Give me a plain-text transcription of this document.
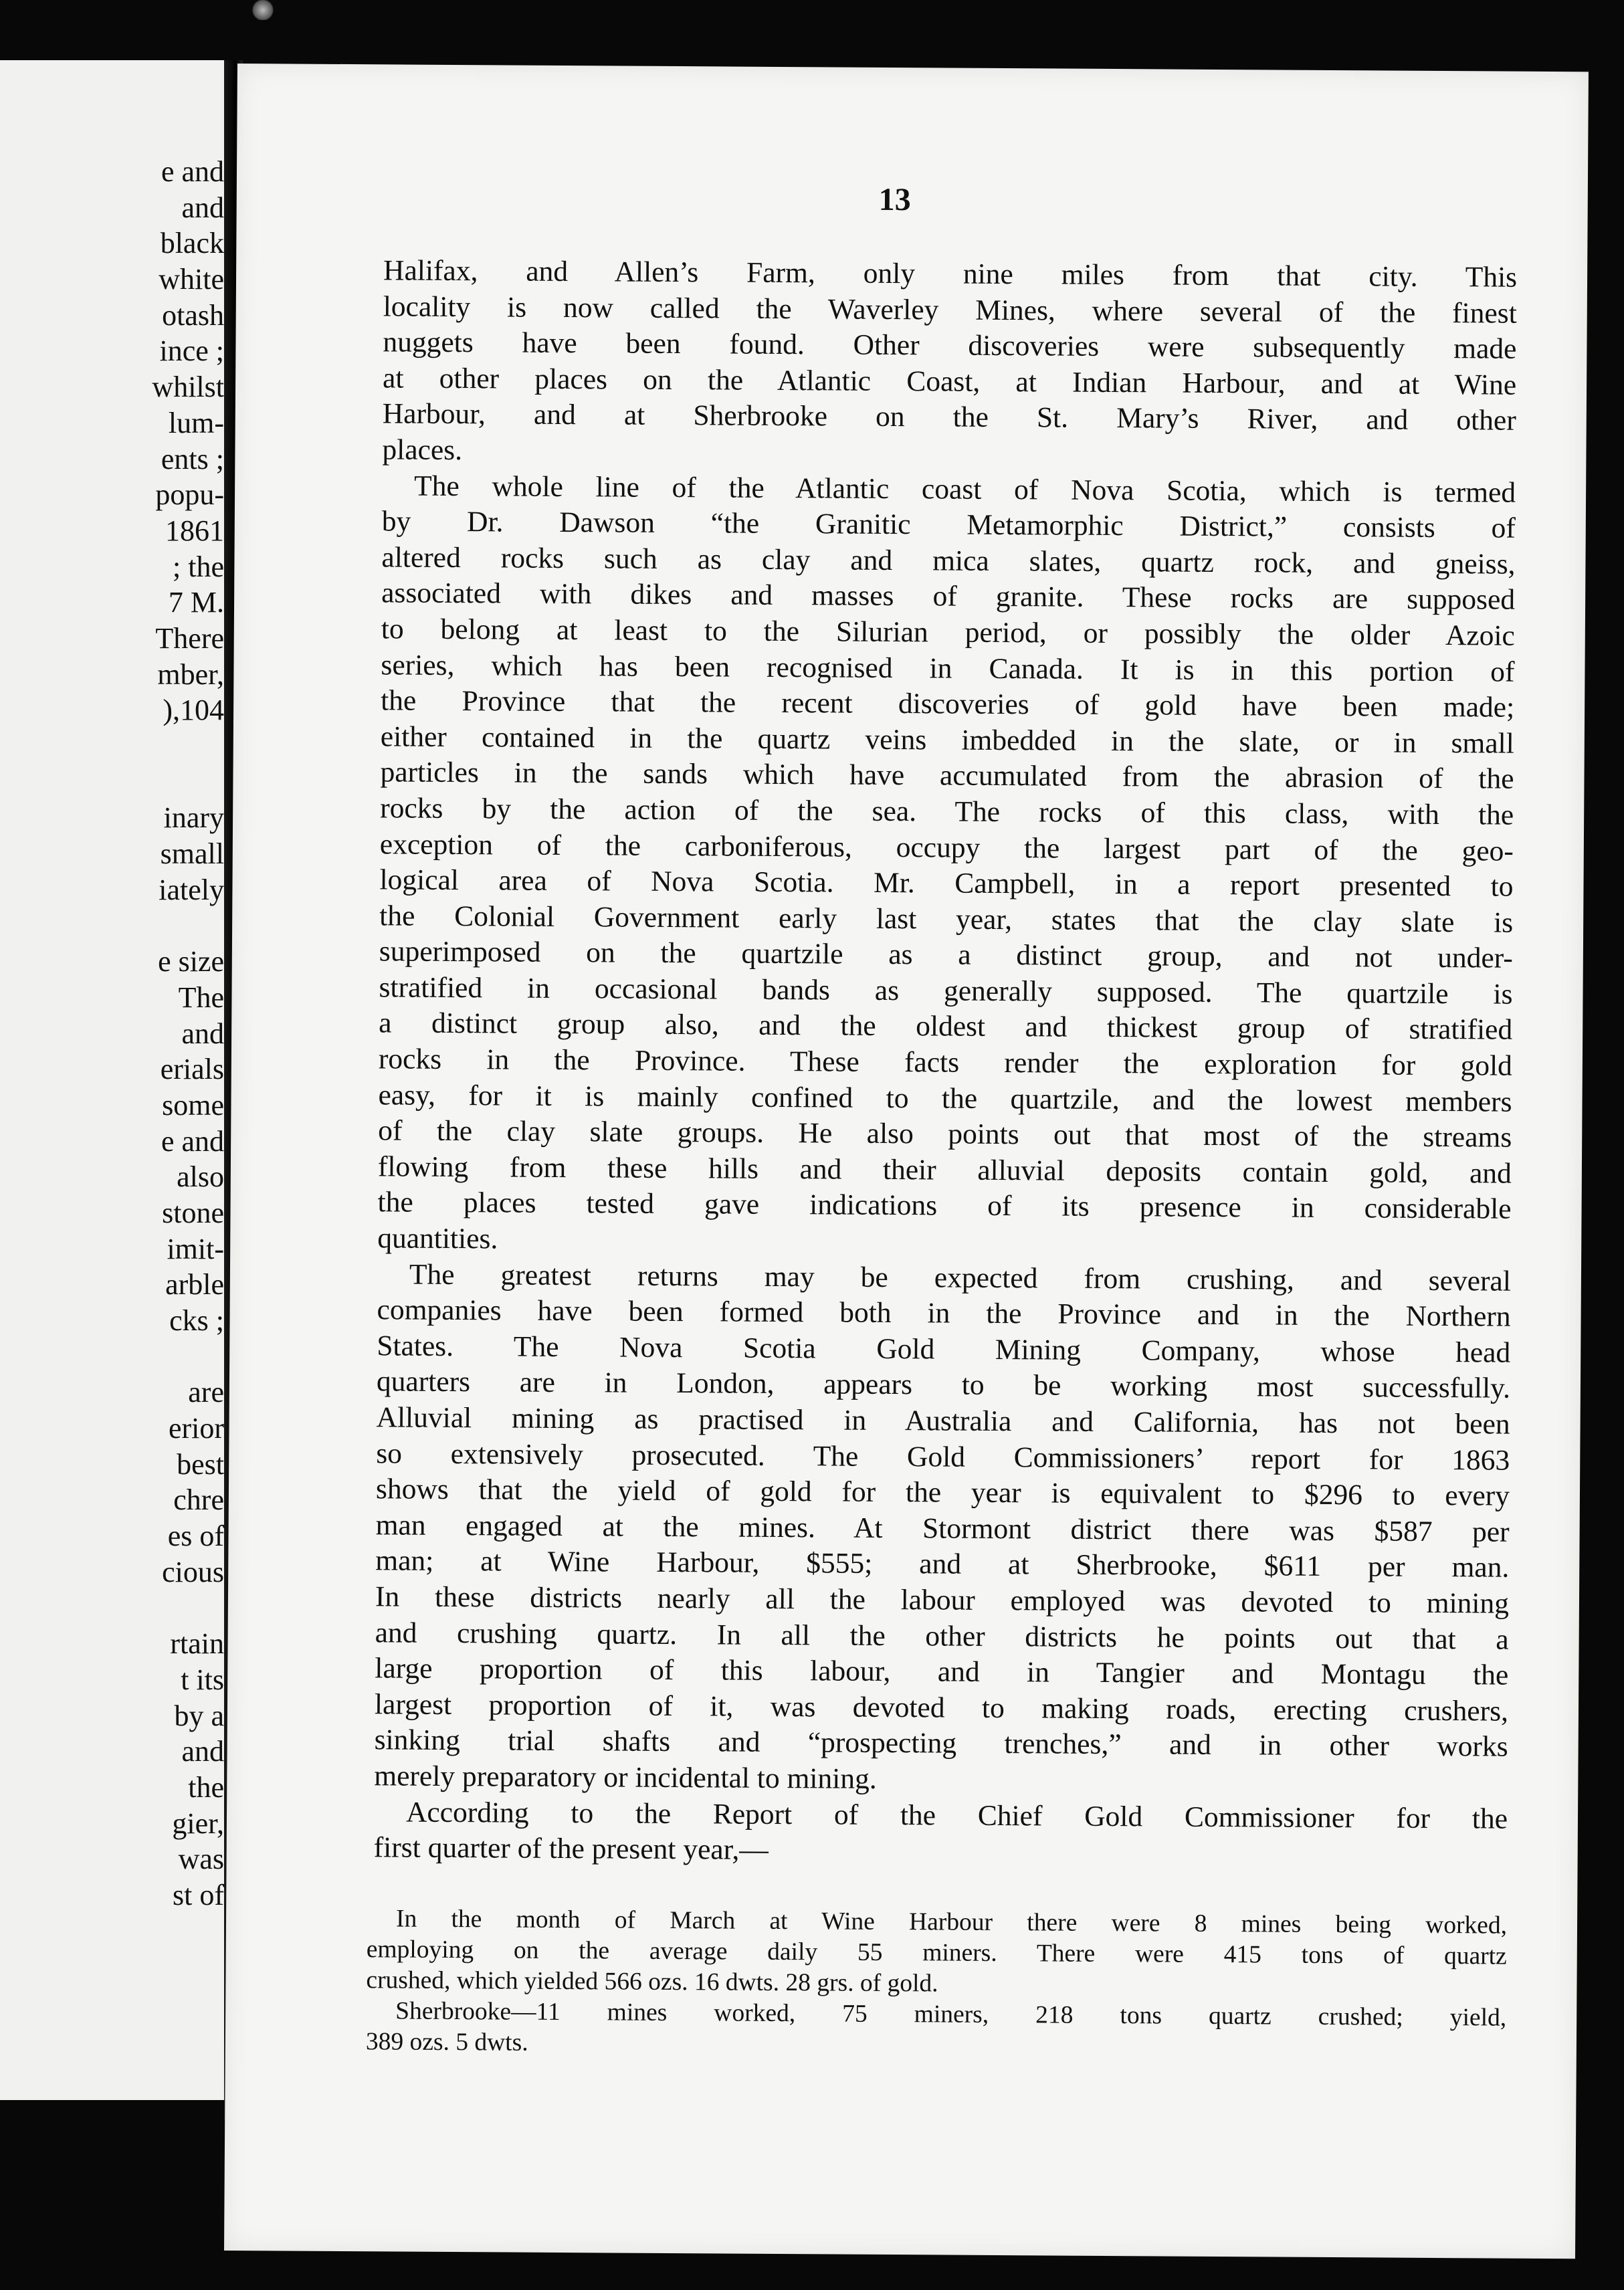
e and
and
black
white
otash
ince ;
whilst
lum-
ents ;
popu-
1861
; the
7 M.
There
mber,
),104
inary
small
iately
e size
The
and
erials
some
e and
also
stone
imit-
arble
cks ;
are
erior
best
chre
es of
cious
rtain
t its
by a
and
the
gier,
was
st of
13
Halifax, and Allen’s Farm, only nine miles from that city. This
locality is now called the Waverley Mines, where several of the finest
nuggets have been found. Other discoveries were subsequently made
at other places on the Atlantic Coast, at Indian Harbour, and at Wine
Harbour, and at Sherbrooke on the St. Mary’s River, and other
places.
The whole line of the Atlantic coast of Nova Scotia, which is termed
by Dr. Dawson “the Granitic Metamorphic District,” consists of
altered rocks such as clay and mica slates, quartz rock, and gneiss,
associated with dikes and masses of granite. These rocks are supposed
to belong at least to the Silurian period, or possibly the older Azoic
series, which has been recognised in Canada. It is in this portion of
the Province that the recent discoveries of gold have been made;
either contained in the quartz veins imbedded in the slate, or in small
particles in the sands which have accumulated from the abrasion of the
rocks by the action of the sea. The rocks of this class, with the
exception of the carboniferous, occupy the largest part of the geo-
logical area of Nova Scotia. Mr. Campbell, in a report presented to
the Colonial Government early last year, states that the clay slate is
superimposed on the quartzile as a distinct group, and not under-
stratified in occasional bands as generally supposed. The quartzile is
a distinct group also, and the oldest and thickest group of stratified
rocks in the Province. These facts render the exploration for gold
easy, for it is mainly confined to the quartzile, and the lowest members
of the clay slate groups. He also points out that most of the streams
flowing from these hills and their alluvial deposits contain gold, and
the places tested gave indications of its presence in considerable
quantities.
The greatest returns may be expected from crushing, and several
companies have been formed both in the Province and in the Northern
States. The Nova Scotia Gold Mining Company, whose head
quarters are in London, appears to be working most successfully.
Alluvial mining as practised in Australia and California, has not been
so extensively prosecuted. The Gold Commissioners’ report for 1863
shows that the yield of gold for the year is equivalent to $296 to every
man engaged at the mines. At Stormont district there was $587 per
man; at Wine Harbour, $555; and at Sherbrooke, $611 per man.
In these districts nearly all the labour employed was devoted to mining
and crushing quartz. In all the other districts he points out that a
large proportion of this labour, and in Tangier and Montagu the
largest proportion of it, was devoted to making roads, erecting crushers,
sinking trial shafts and “prospecting trenches,” and in other works
merely preparatory or incidental to mining.
According to the Report of the Chief Gold Commissioner for the
first quarter of the present year,—
In the month of March at Wine Harbour there were 8 mines being worked,
employing on the average daily 55 miners. There were 415 tons of quartz
crushed, which yielded 566 ozs. 16 dwts. 28 grs. of gold.
Sherbrooke—11 mines worked, 75 miners, 218 tons quartz crushed; yield,
389 ozs. 5 dwts.
